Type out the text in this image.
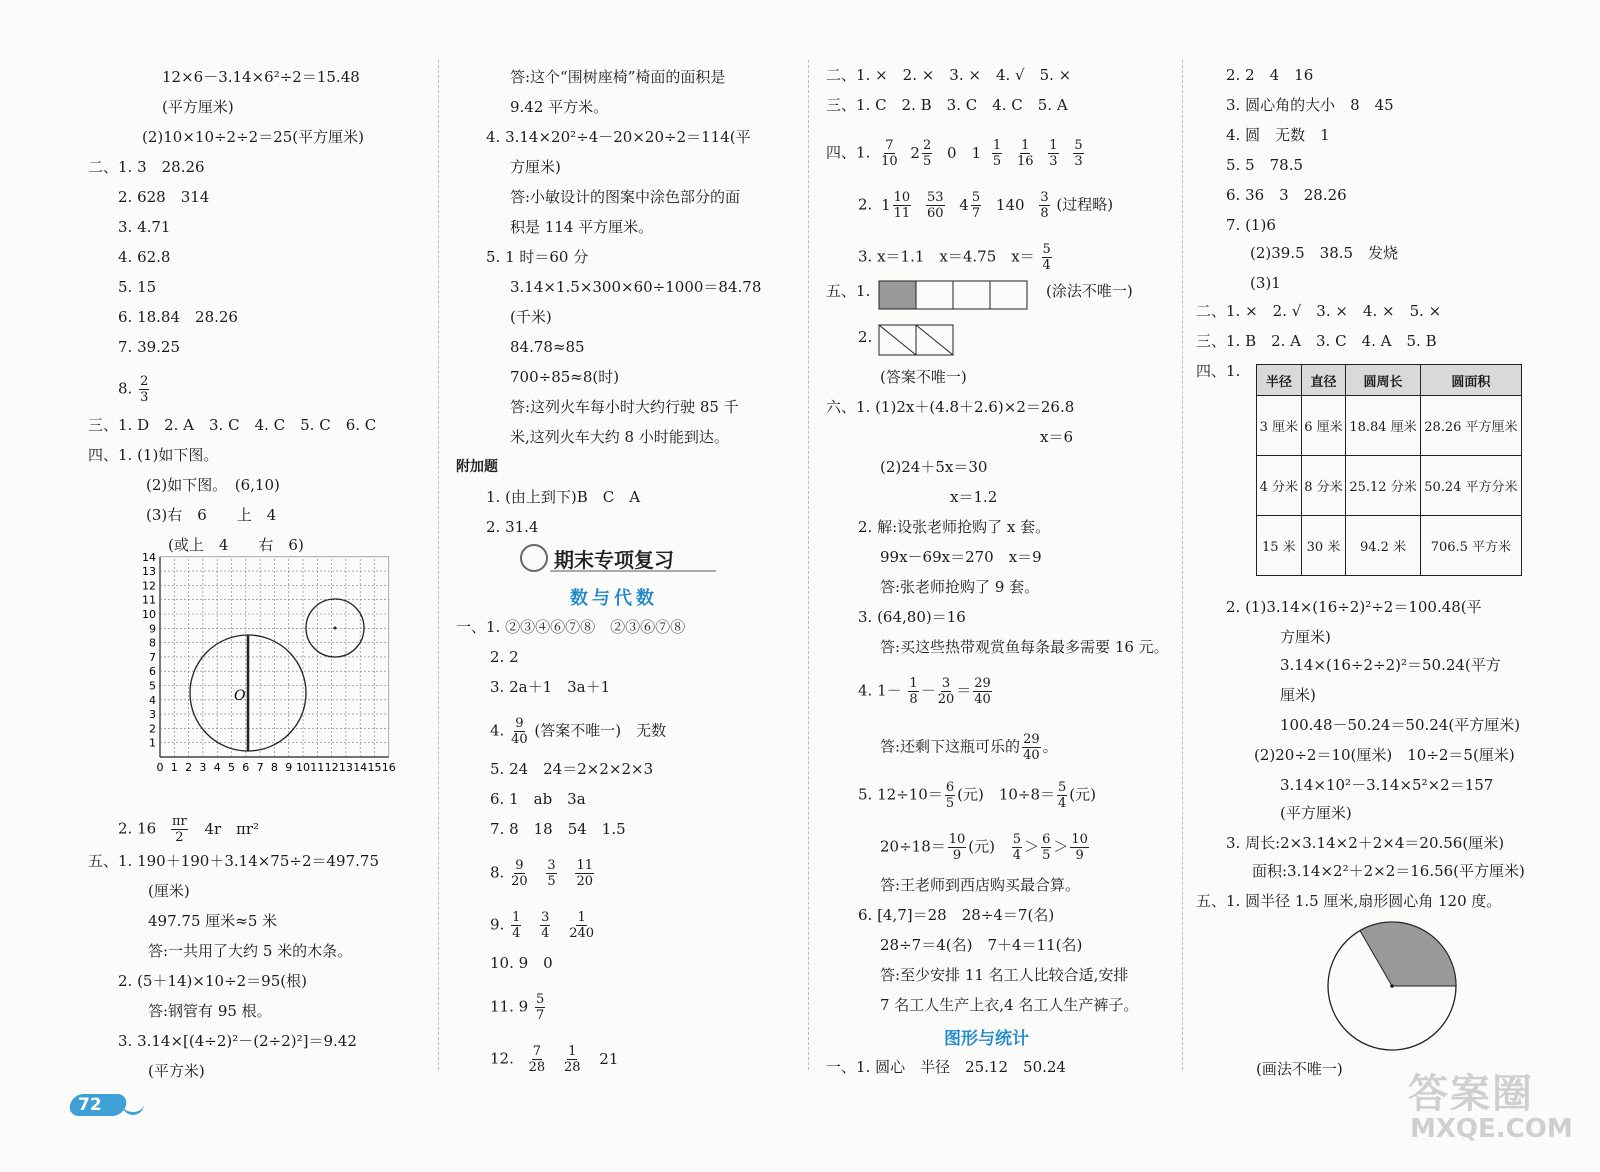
12×6－3.14×6²÷2＝15.48
(平方厘米)
(2)10×10÷2÷2＝25(平方厘米)
二、1. 3　28.26
2. 628　314
3. 4.71
4. 62.8
5. 15
6. 18.84　28.26
7. 39.25
8. $\frac{2}{3}$
三、1. D　2. A　3. C　4. C　5. C　6. C
四、1. (1)如下图。
(2)如下图。　(6,10)
(3)右　6　　上　4
(或上　4　　右　6)
14
13
12
11
10
9
8
7
6
5
4
3
2
1
0 1 2 3 4 5 6 7 8 9 10 11 12 13 14 15 16
O
2. $16 \frac{\pi r}{2} 4r$ πr²
五、1. 190＋190＋3.14×75÷2＝497.75
(厘米)
497.75 厘米≈5 米
答:一共用了大约 5 米的木条。
2. (5＋14)×10÷2＝95(根)
答:钢管有 95 根。
3. 3.14×[(4÷2)²－(2÷2)²]＝9.42
(平方米)
72
答:这个“围树座椅”椅面的面积是
9.42 平方米。
4. 3.14×20²÷4－20×20÷2＝114(平
方厘米)
答:小敏设计的图案中涂色部分的面
积是 114 平方厘米。
5. 1 时＝60 分
3.14×1.5×300×60÷1000＝84.78
(千米)
84.78≈85
700÷85≈8(时)
答:这列火车每小时大约行驶 85 千
米,这列火车大约 8 小时能到达。
附加题
1. (由上到下)B　C　A
2. 31.4
期末专项复习
数与代数
一、1. ②③④⑥⑦⑧　②③⑥⑦⑧
2. 2
3. 2a＋1　3a＋1
4. $\frac{9}{40}$ (答案不唯一)　无数
5. 24　24＝2×2×2×3
6. 1　ab　3a
7. 8　18　54　1.5
8. $\frac{9}{20}$
$\frac{3}{5}$
$\frac{11}{20}$
9. $\frac{1}{4}$
$\frac{3}{4}$
$\frac{1}{240}$
10. 9　0
11. $9 \frac{5}{7}$
12. $\frac{7}{28}$
$\frac{1}{28} 21$
二、1. ×　2. ×　3. ×　4. √　5. ×
三、1. C　2. B　3. C　4. C　5. A
四、1. $\frac{7}{10} 2 \frac{2}{5} 0$　$1 \frac{1}{5}$
$\frac{1}{16}$
$\frac{1}{3}$
$\frac{5}{3}$
2. $1 \frac{10}{11}$
$\frac{53}{60} 4 \frac{5}{7} 140 \frac{3}{8}$ (过程略)
3. x＝1.1　x＝4.75　$x= \frac{5}{4}$
五、1.	(涂法不唯一)
2.
(答案不唯一)
六、1. (1)2x＋(4.8＋2.6)×2＝26.8
x＝6
(2)24＋5x＝30
x＝1.2
2. 解:设张老师抢购了 x 套。
99x－69x＝270　x＝9
答:张老师抢购了 9 套。
3. (64,80)＝16
答:买这些热带观赏鱼每条最多需要 16 元。
4. $1- \frac{1}{8} - \frac{3}{20} = \frac{29}{40}$
答:还剩下这瓶可乐的 $\frac{29}{40}$ 。
5. $12\div 10= \frac{6}{5}$ (元)　$10\div 8= \frac{5}{4}$ (元)
$20\div 18= \frac{10}{9}$ (元) $\frac{5}{4} > \frac{6}{5} > \frac{10}{9}$
答:王老师到西店购买最合算。
6. [4,7]＝28　28÷4＝7(名)
28÷7＝4(名)　7＋4＝11(名)
答:至少安排 11 名工人比较合适,安排
7 名工人生产上衣,4 名工人生产裤子。
图形与统计
一、1. 圆心　半径　25.12　50.24
2. 2　4　16
3. 圆心角的大小　8　45
4. 圆　无数　1
5. 5　78.5
6. 36　3　28.26
7. (1)6
(2)39.5　38.5　发烧
(3)1
二、1. ×　2. √　3. ×　4. ×　5. ×
三、1. B　2. A　3. C　4. A　5. B
四、1.
半径	直径	圆周长	圆面积
3 厘米	6 厘米	18.84 厘米	28.26 平方厘米
4 分米	8 分米	25.12 分米	50.24 平方分米
15 米	30 米	94.2 米	706.5 平方米
2. (1)3.14×(16÷2)²÷2＝100.48(平
方厘米)
3.14×(16÷2÷2)²＝50.24(平方
厘米)
100.48－50.24＝50.24(平方厘米)
(2)20÷2＝10(厘米)　10÷2＝5(厘米)
3.14×10²－3.14×5²×2＝157
(平方厘米)
3. 周长:2×3.14×2＋2×4＝20.56(厘米)
面积:3.14×2²＋2×2＝16.56(平方厘米)
五、1. 圆半径 1.5 厘米,扇形圆心角 120 度。
(画法不唯一)
答案圈
MXQE.COM
